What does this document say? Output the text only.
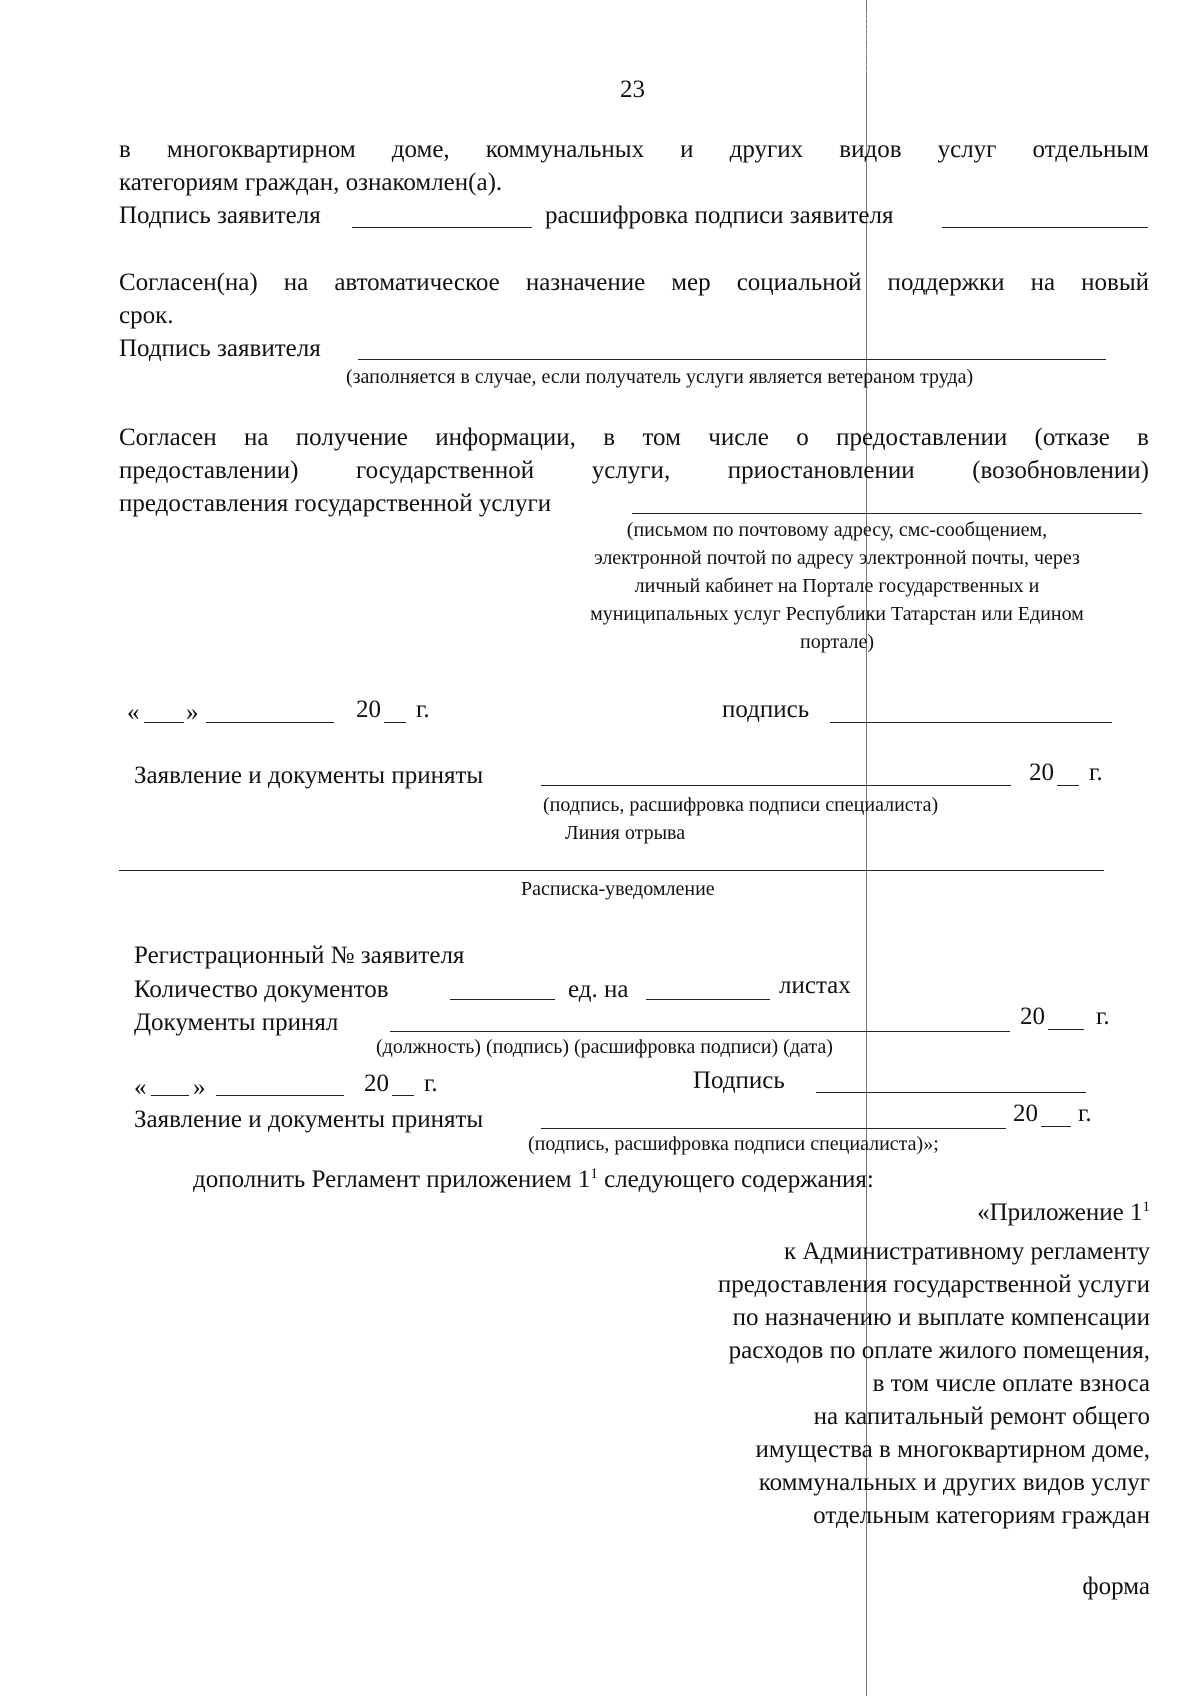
23
в многоквартирном доме, коммунальных и других видов услуг отдельным
категориям граждан, ознакомлен(а).
Подпись заявителя	расшифровка подписи заявителя
Согласен(на) на автоматическое назначение мер социальной поддержки на новый
срок.
Подпись заявителя
(заполняется в случае, если получатель услуги является ветераном труда)
Согласен на получение информации, в том числе о предоставлении (отказе в
предоставлении) государственной услуги, приостановлении (возобновлении)
предоставления государственной услуги
(письмом по почтовому адресу, смс-сообщением,
электронной почтой по адресу электронной почты, через
личный кабинет на Портале государственных и
муниципальных услуг Республики Татарстан или Едином
портале)
« »	20 г.	подпись
Заявление и документы приняты	20 г.
(подпись, расшифровка подписи специалиста)
Линия отрыва
Расписка-уведомление
Регистрационный № заявителя
Количество документов	ед. на	листах
Документы принял	20 г.
(должность) (подпись) (расшифровка подписи) (дата)
« »	20 г.	Подпись
Заявление и документы приняты	20 г.
(подпись, расшифровка подписи специалиста)»;
дополнить Регламент приложением $1^1$ следующего содержания:
«Приложение $1^1$
к Административному регламенту
предоставления государственной услуги
по назначению и выплате компенсации
расходов по оплате жилого помещения,
в том числе оплате взноса
на капитальный ремонт общего
имущества в многоквартирном доме,
коммунальных и других видов услуг
отдельным категориям граждан
форма
